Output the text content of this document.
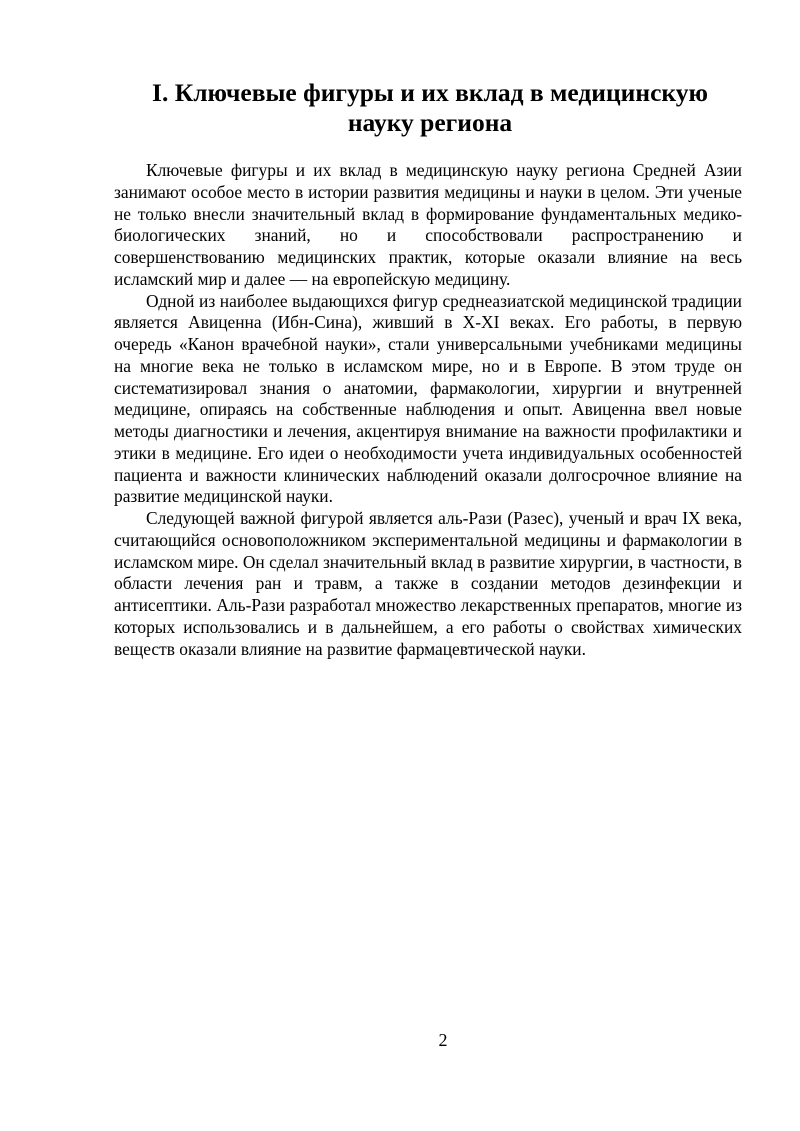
I. Ключевые фигуры и их вклад в медицинскую
науку региона

Ключевые фигуры и их вклад в медицинскую науку региона Средней Азии занимают особое место в истории развития медицины и науки в целом. Эти ученые не только внесли значительный вклад в формирование фундаментальных медико-биологических знаний, но и способствовали распространению и совершенствованию медицинских практик, которые оказали влияние на весь исламский мир и далее — на европейскую медицину.

Одной из наиболее выдающихся фигур среднеазиатской медицинской традиции является Авиценна (Ибн-Сина), живший в X-XI веках. Его работы, в первую очередь «Канон врачебной науки», стали универсальными учебниками медицины на многие века не только в исламском мире, но и в Европе. В этом труде он систематизировал знания о анатомии, фармакологии, хирургии и внутренней медицине, опираясь на собственные наблюдения и опыт. Авиценна ввел новые методы диагностики и лечения, акцентируя внимание на важности профилактики и этики в медицине. Его идеи о необходимости учета индивидуальных особенностей пациента и важности клинических наблюдений оказали долгосрочное влияние на развитие медицинской науки.

Следующей важной фигурой является аль-Рази (Разес), ученый и врач IX века, считающийся основоположником экспериментальной медицины и фармакологии в исламском мире. Он сделал значительный вклад в развитие хирургии, в частности, в области лечения ран и травм, а также в создании методов дезинфекции и антисептики. Аль-Рази разработал множество лекарственных препаратов, многие из которых использовались и в дальнейшем, а его работы о свойствах химических веществ оказали влияние на развитие фармацевтической науки.

2
